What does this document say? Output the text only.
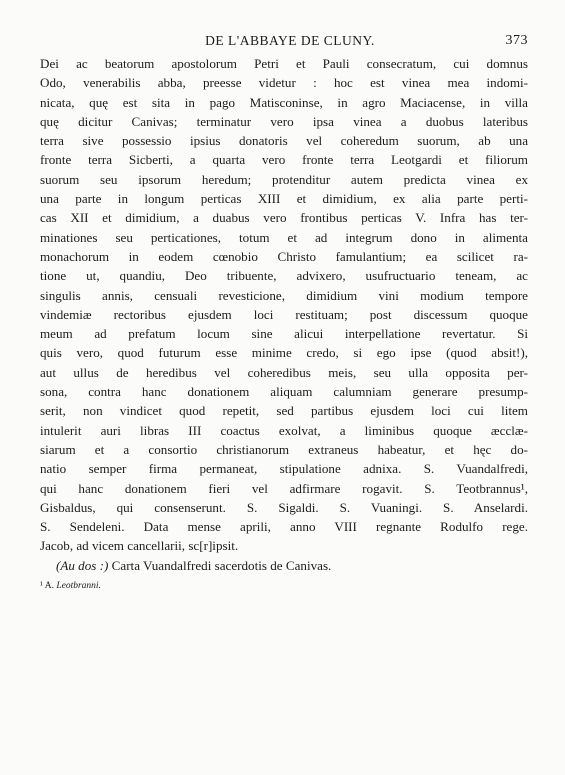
DE L'ABBAYE DE CLUNY.	373
Dei ac beatorum apostolorum Petri et Pauli consecratum, cui domnus
Odo, venerabilis abba, preesse videtur : hoc est vinea mea indomi-
nicata, quę est sita in pago Matisconinse, in agro Maciacense, in villa
quę dicitur Canivas; terminatur vero ipsa vinea a duobus lateribus
terra sive possessio ipsius donatoris vel coheredum suorum, ab una
fronte terra Sicberti, a quarta vero fronte terra Leotgardi et filiorum
suorum seu ipsorum heredum; protenditur autem predicta vinea ex
una parte in longum perticas XIII et dimidium, ex alia parte perti-
cas XII et dimidium, a duabus vero frontibus perticas V. Infra has ter-
minationes seu perticationes, totum et ad integrum dono in alimenta
monachorum in eodem cœnobio Christo famulantium; ea scilicet ra-
tione ut, quandiu, Deo tribuente, advixero, usufructuario teneam, ac
singulis annis, censuali revesticione, dimidium vini modium tempore
vindemiæ rectoribus ejusdem loci restituam; post discessum quoque
meum ad prefatum locum sine alicui interpellatione revertatur. Si
quis vero, quod futurum esse minime credo, si ego ipse (quod absit!),
aut ullus de heredibus vel coheredibus meis, seu ulla opposita per-
sona, contra hanc donationem aliquam calumniam generare presump-
serit, non vindicet quod repetit, sed partibus ejusdem loci cui litem
intulerit auri libras III coactus exolvat, a liminibus quoque æcclæ-
siarum et a consortio christianorum extraneus habeatur, et hęc do-
natio semper firma permaneat, stipulatione adnixa. S. Vuandalfredi,
qui hanc donationem fieri vel adfirmare rogavit. S. Teotbrannus¹,
Gisbaldus, qui consenserunt. S. Sigaldi. S. Vuaningi. S. Anselardi.
S. Sendeleni. Data mense aprili, anno VIII regnante Rodulfo rege.
Jacob, ad vicem cancellarii, sc[r]ipsit.
(Au dos :) Carta Vuandalfredi sacerdotis de Canivas.
¹ A. Leotbranni.
